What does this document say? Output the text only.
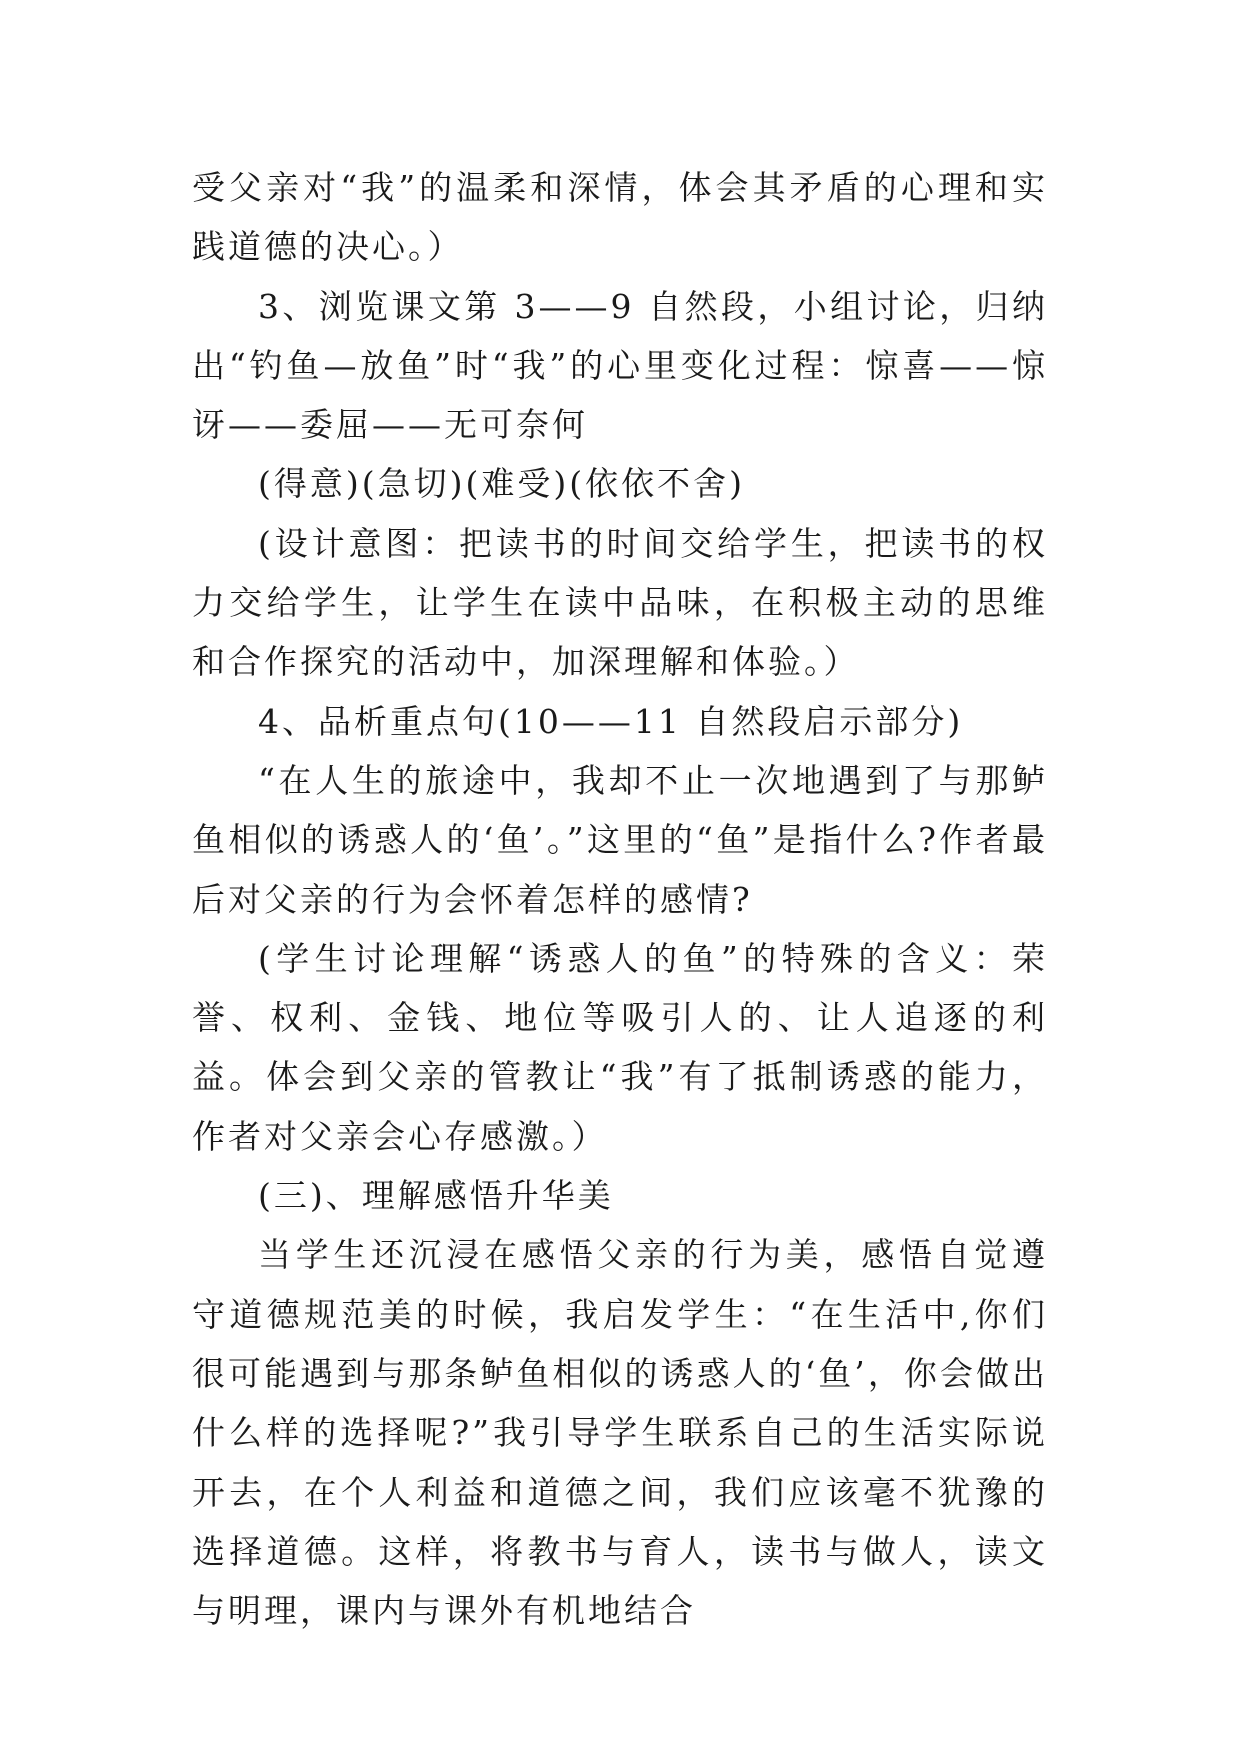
受父亲对“我”的温柔和深情，体会其矛盾的心理和实践道德的决心。）

3、浏览课文第 3——9 自然段，小组讨论，归纳出“钓鱼—放鱼”时“我”的心里变化过程：惊喜——惊讶——委屈——无可奈何

(得意)(急切)(难受)(依依不舍)

(设计意图：把读书的时间交给学生，把读书的权力交给学生，让学生在读中品味，在积极主动的思维和合作探究的活动中，加深理解和体验。）

4、品析重点句(10——11 自然段启示部分)

“在人生的旅途中，我却不止一次地遇到了与那鲈鱼相似的诱惑人的‘鱼’。”这里的“鱼”是指什么?作者最后对父亲的行为会怀着怎样的感情?

(学生讨论理解“诱惑人的鱼”的特殊的含义：荣誉、权利、金钱、地位等吸引人的、让人追逐的利益。体会到父亲的管教让“我”有了抵制诱惑的能力，作者对父亲会心存感激。）

(三)、理解感悟升华美

当学生还沉浸在感悟父亲的行为美，感悟自觉遵守道德规范美的时候，我启发学生：“在生活中,你们很可能遇到与那条鲈鱼相似的诱惑人的‘鱼’，你会做出什么样的选择呢?”我引导学生联系自己的生活实际说开去，在个人利益和道德之间，我们应该毫不犹豫的选择道德。这样，将教书与育人，读书与做人，读文与明理，课内与课外有机地结合
